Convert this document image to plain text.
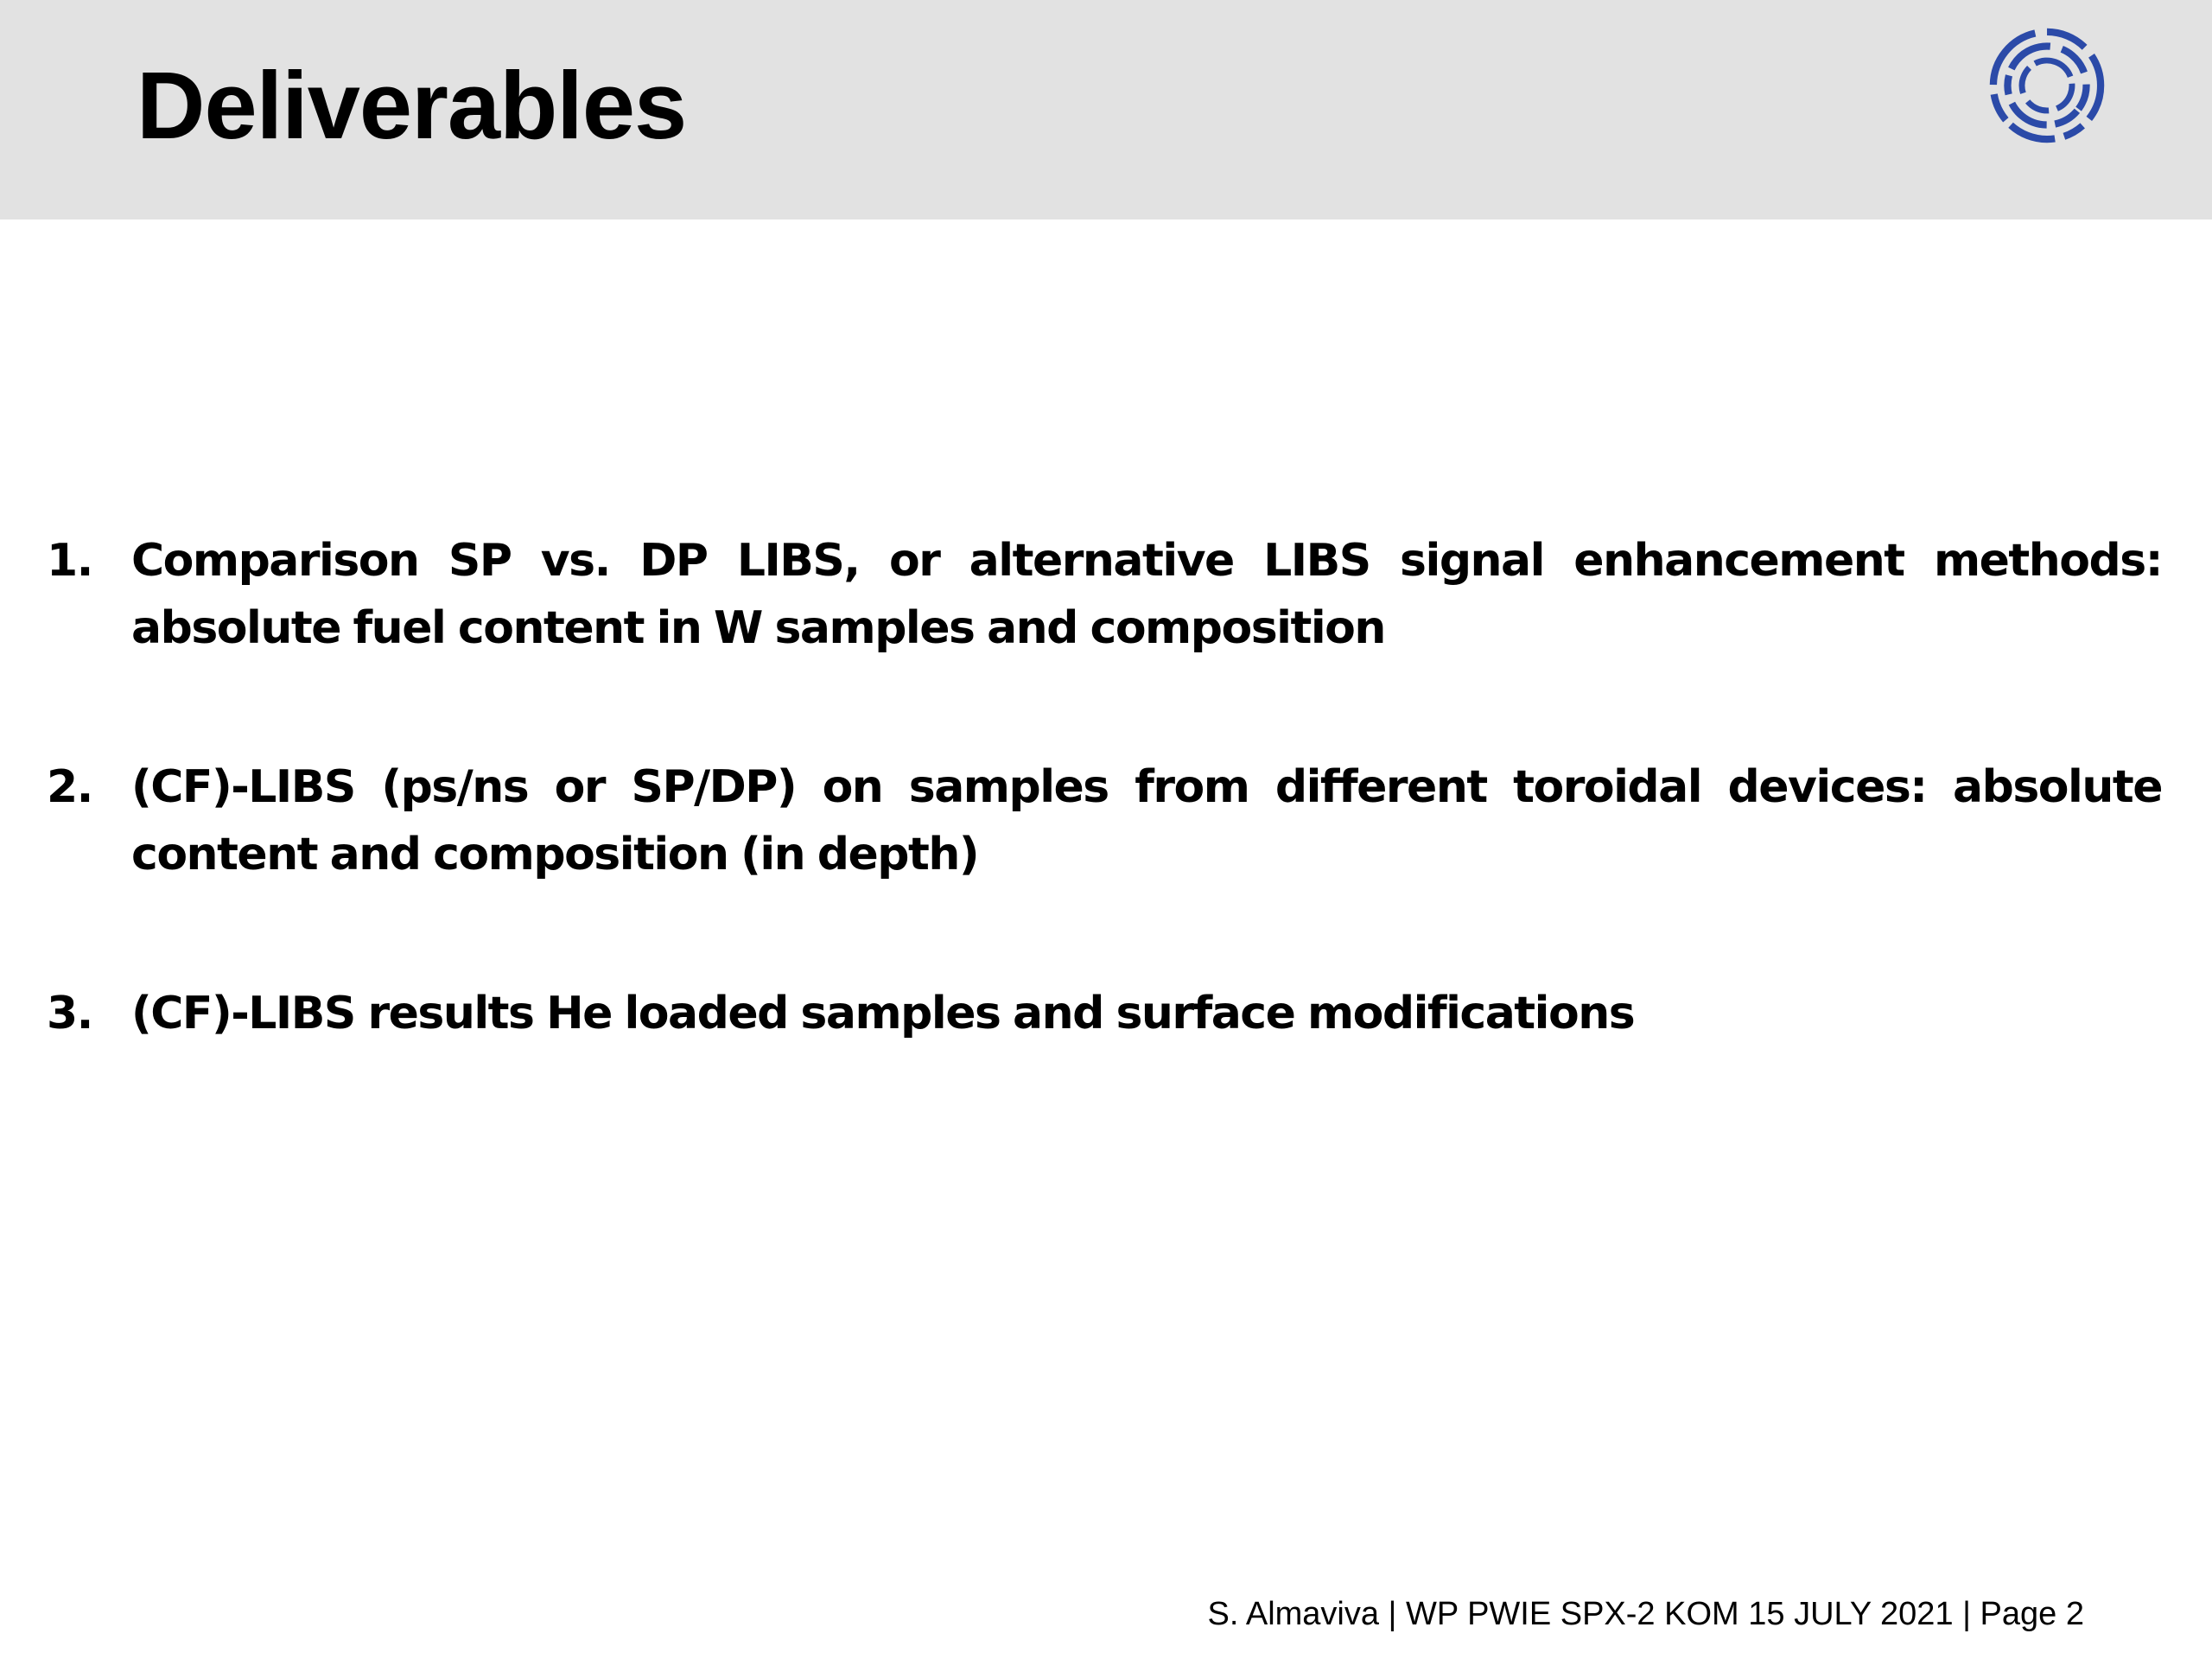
Deliverables
1. Comparison SP vs. DP LIBS, or alternative LIBS signal enhancement methods: absolute fuel content in W samples and composition
2. (CF)-LIBS (ps/ns or SP/DP) on samples from different toroidal devices: absolute content and composition (in depth)
3. (CF)-LIBS results He loaded samples and surface modifications
S. Almaviva | WP PWIE SPX-2 KOM 15 JULY 2021 | Page 2
